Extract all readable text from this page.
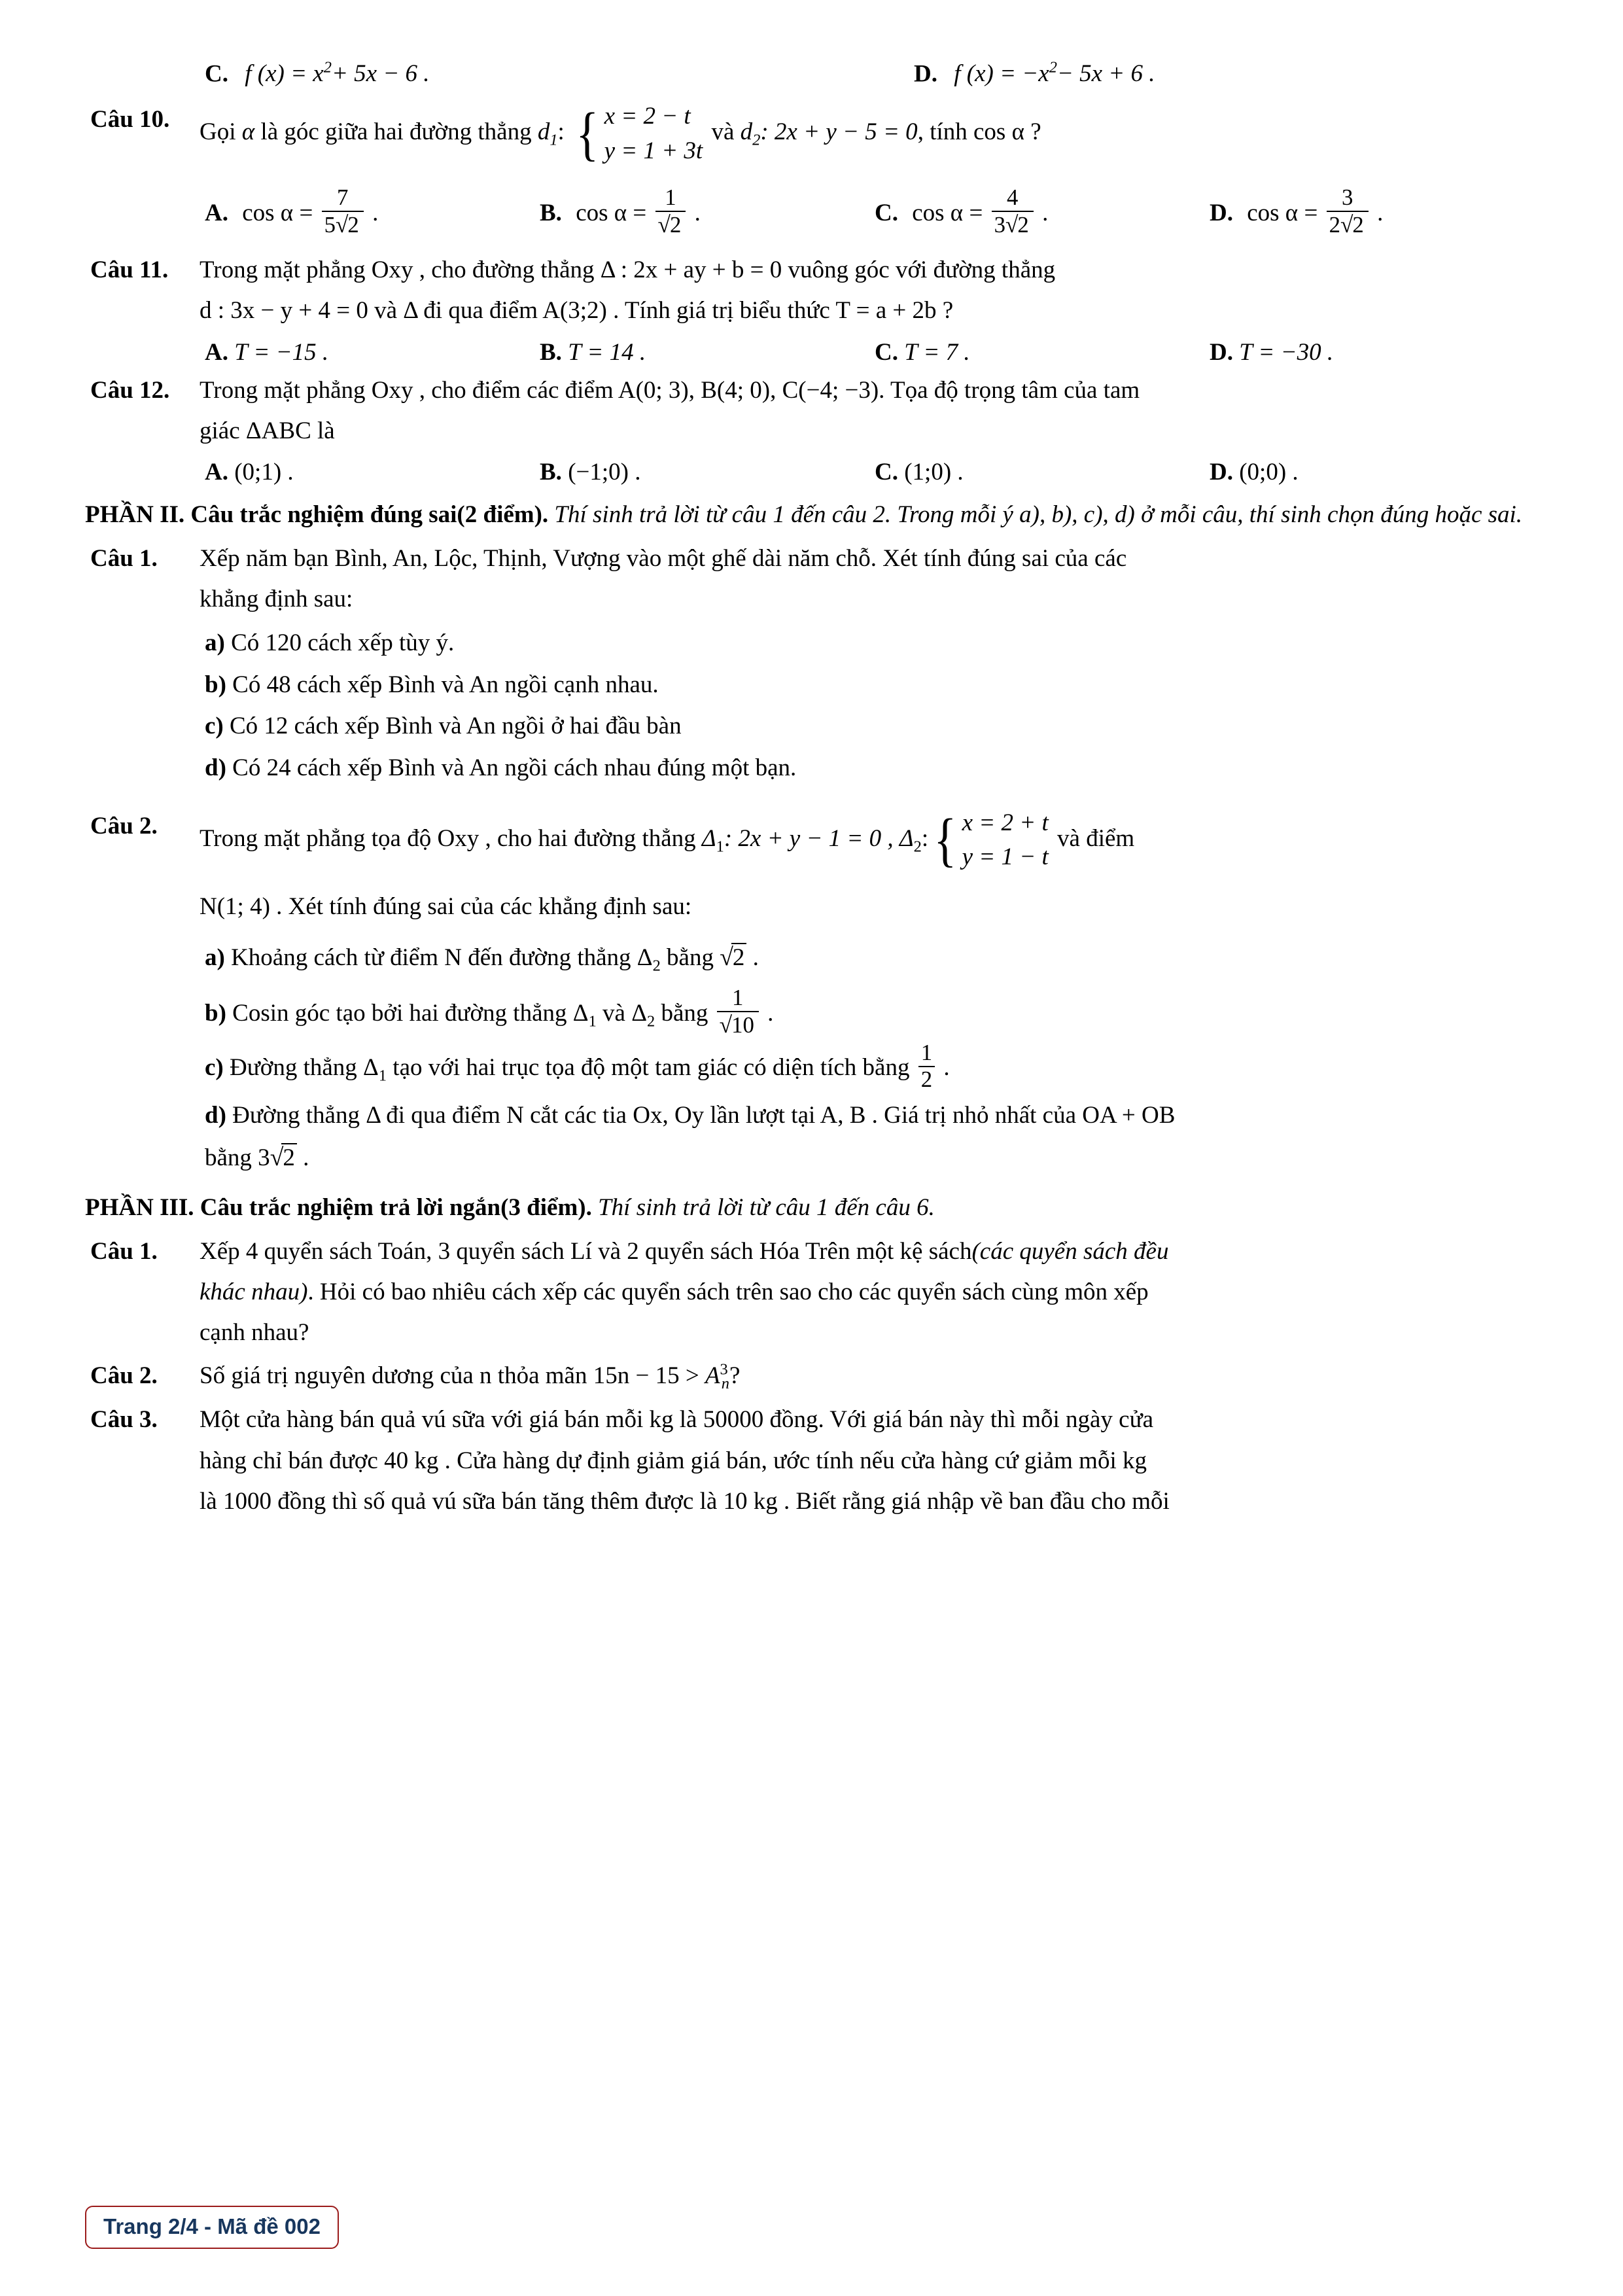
C. f $(x) = x^2+ 5x - 6$ .	D. f $(x) = -x^2- 5x + 6$ .
Câu 10.	Gọi α là góc giữa hai đường thẳng $d_1$: { x = 2 − t
y = 1 + 3t
và $d_2$: 2x + y − 5 = 0, tính cos α ?
A. $\cos \alpha = \frac{7}{5√2}$ .	B. $\cos \alpha = \frac{1}{√2}$ .	C. $\cos \alpha = \frac{4}{3√2}$ .	D. $\cos \alpha = \frac{3}{2√2}$ .
Câu 11.	Trong mặt phẳng Oxy , cho đường thẳng Δ : 2x + ay + b = 0 vuông góc với đường thẳng
d : 3x − y + 4 = 0 và Δ đi qua điểm A(3;2) . Tính giá trị biểu thức T = a + 2b ?
A. T = −15 .	B. T = 14 .	C. T = 7 .	D. T = −30 .
Câu 12.	Trong mặt phẳng Oxy , cho điểm các điểm A(0; 3), B(4; 0), C(−4; −3). Tọa độ trọng tâm của tam
giác ΔABC là
A. (0;1) .	B. (−1;0) .	C. (1;0) .	D. (0;0) .
PHẦN II. Câu trắc nghiệm đúng sai(2 điểm). Thí sinh trả lời từ câu 1 đến câu 2. Trong mỗi ý a), b), c), d) ở mỗi câu, thí sinh chọn đúng hoặc sai.
Câu 1.	Xếp năm bạn Bình, An, Lộc, Thịnh, Vượng vào một ghế dài năm chỗ. Xét tính đúng sai của các
khẳng định sau:
a) Có 120 cách xếp tùy ý.
b) Có 48 cách xếp Bình và An ngồi cạnh nhau.
c) Có 12 cách xếp Bình và An ngồi ở hai đầu bàn
d) Có 24 cách xếp Bình và An ngồi cách nhau đúng một bạn.
Câu 2.	Trong mặt phẳng tọa độ Oxy , cho hai đường thẳng $\Delta_1$: 2x + y − 1 = 0 , $\Delta_2$: { x = 2 + t
y = 1 − t
và điểm
N(1; 4) . Xét tính đúng sai của các khẳng định sau:
a) Khoảng cách từ điểm N đến đường thẳng $\Delta_2$ bằng √2 .
b) Cosin góc tạo bởi hai đường thẳng $\Delta_1$ và $\Delta_2$ bằng $\frac{1}{√10}$ .
c) Đường thẳng $\Delta_1$ tạo với hai trục tọa độ một tam giác có diện tích bằng $\frac{1}{2}$ .
d) Đường thẳng Δ đi qua điểm N cắt các tia Ox, Oy lần lượt tại A, B . Giá trị nhỏ nhất của OA + OB
bằng 3√2 .
PHẦN III. Câu trắc nghiệm trả lời ngắn(3 điểm). Thí sinh trả lời từ câu 1 đến câu 6.
Câu 1.	Xếp 4 quyển sách Toán, 3 quyển sách Lí và 2 quyển sách Hóa Trên một kệ sách(các quyển sách đều
khác nhau). Hỏi có bao nhiêu cách xếp các quyển sách trên sao cho các quyển sách cùng môn xếp
cạnh nhau?
Câu 2.	Số giá trị nguyên dương của n thỏa mãn $15n - 15 > A^3_n$?
Câu 3.	Một cửa hàng bán quả vú sữa với giá bán mỗi kg là 50000 đồng. Với giá bán này thì mỗi ngày cửa
hàng chỉ bán được 40 kg . Cửa hàng dự định giảm giá bán, ước tính nếu cửa hàng cứ giảm mỗi kg
là 1000 đồng thì số quả vú sữa bán tăng thêm được là 10 kg . Biết rằng giá nhập về ban đầu cho mỗi
Trang 2/4 - Mã đề 002
